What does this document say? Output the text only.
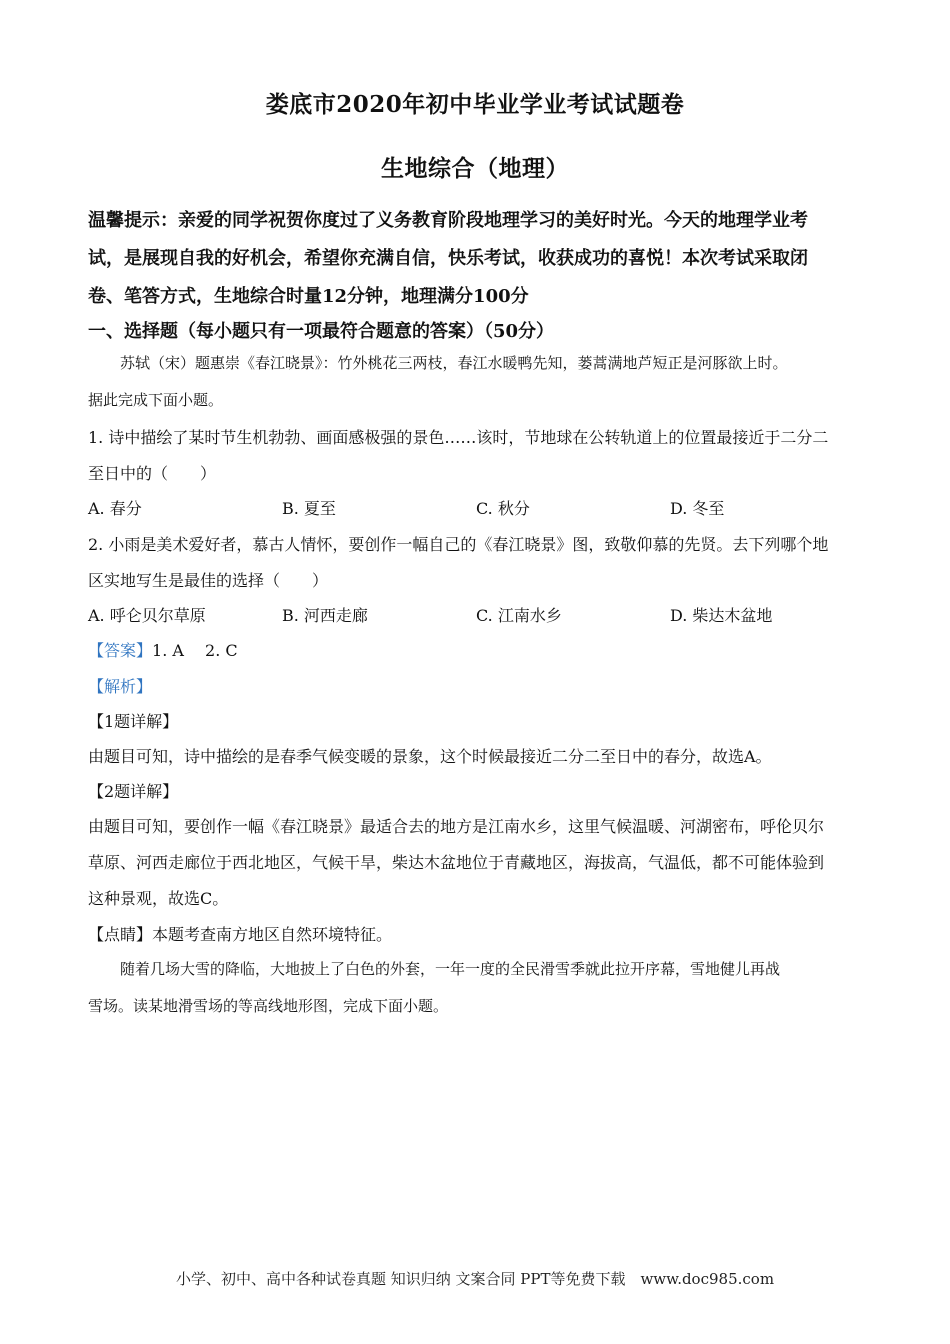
娄底市2020年初中毕业学业考试试题卷
生地综合（地理）
温馨提示：亲爱的同学祝贺你度过了义务教育阶段地理学习的美好时光。今天的地理学业考
试，是展现自我的好机会，希望你充满自信，快乐考试，收获成功的喜悦！本次考试采取闭
卷、笔答方式，生地综合时量12分钟，地理满分100分
一、选择题（每小题只有一项最符合题意的答案）（50分）
苏轼（宋）题惠崇《春江晓景》：竹外桃花三两枝，春江水暖鸭先知，蒌蒿满地芦短正是河豚欲上时。
据此完成下面小题。
1. 诗中描绘了某时节生机勃勃、画面感极强的景色……该时，节地球在公转轨道上的位置最接近于二分二
至日中的（　　）
A. 春分	B. 夏至	C. 秋分	D. 冬至
2. 小雨是美术爱好者，慕古人情怀，要创作一幅自己的《春江晓景》图，致敬仰慕的先贤。去下列哪个地
区实地写生是最佳的选择（　　）
A. 呼仑贝尔草原	B. 河西走廊	C. 江南水乡	D. 柴达木盆地
【答案】1. A　 2. C
【解析】
【1题详解】
由题目可知，诗中描绘的是春季气候变暖的景象，这个时候最接近二分二至日中的春分，故选A。
【2题详解】
由题目可知，要创作一幅《春江晓景》最适合去的地方是江南水乡，这里气候温暖、河湖密布，呼伦贝尔
草原、河西走廊位于西北地区，气候干旱，柴达木盆地位于青藏地区，海拔高，气温低，都不可能体验到
这种景观，故选C。
【点睛】本题考查南方地区自然环境特征。
随着几场大雪的降临，大地披上了白色的外套，一年一度的全民滑雪季就此拉开序幕，雪地健儿再战
雪场。读某地滑雪场的等高线地形图，完成下面小题。
小学、初中、高中各种试卷真题 知识归纳 文案合同 PPT等免费下载　www.doc985.com
